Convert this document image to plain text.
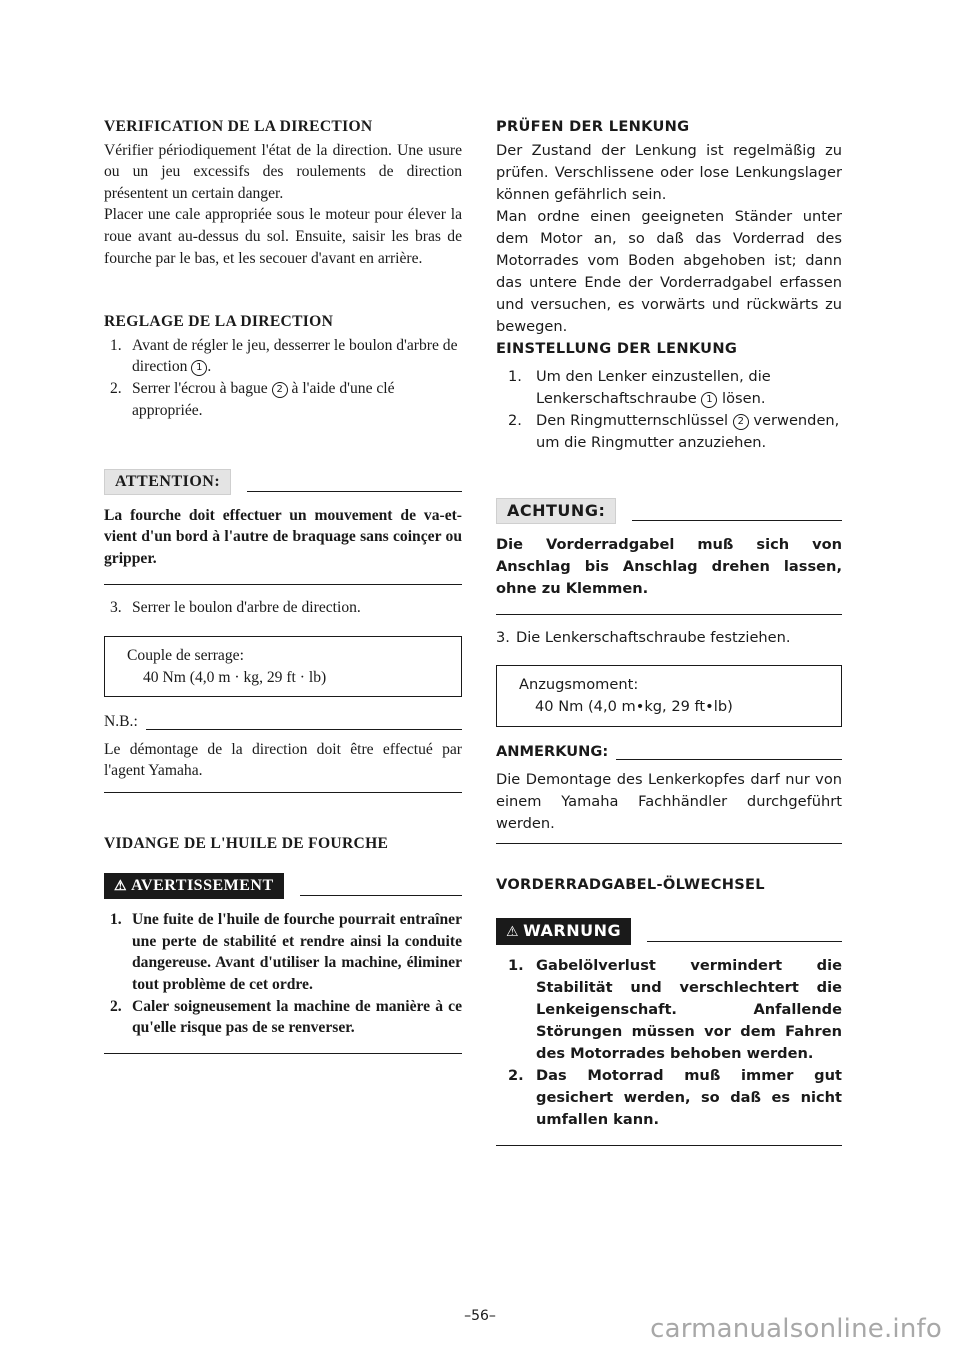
VERIFICATION DE LA DIRECTION

Vérifier périodiquement l'état de la direction. Une usure ou un jeu excessifs des roulements de direction présentent un certain danger.

Placer une cale appropriée sous le moteur pour élever la roue avant au-dessus du sol. Ensuite, saisir les bras de fourche par le bas, et les secouer d'avant en arrière.

REGLAGE DE LA DIRECTION
1. Avant de régler le jeu, desserrer le boulon d'arbre de direction 1 .
2. Serrer l'écrou à bague 2 à l'aide d'une clé appropriée.
ATTENTION:

La fourche doit effectuer un mouvement de va-et-vient d'un bord à l'autre de braquage sans coinçer ou gripper.

3. Serrer le boulon d'arbre de direction.
Couple de serrage:
40 Nm (4,0 m · kg, 29 ft · lb)
N.B.:

Le démontage de la direction doit être effectué par l'agent Yamaha.

VIDANGE DE L'HUILE DE FOURCHE
⚠ AVERTISSEMENT
1. Une fuite de l'huile de fourche pourrait entraîner une perte de stabilité et rendre ainsi la conduite dangereuse. Avant d'utiliser la machine, éliminer tout problème de cet ordre.

2. Caler soigneusement la machine de manière à ce qu'elle risque pas de se renverser.

PRÜFEN DER LENKUNG

Der Zustand der Lenkung ist regelmäßig zu prüfen. Verschlissene oder lose Lenkungslager können gefährlich sein.

Man ordne einen geeigneten Ständer unter dem Motor an, so daß das Vorderrad des Motorrades vom Boden abgehoben ist; dann das untere Ende der Vorderradgabel erfassen und versuchen, es vorwärts und rückwärts zu bewegen.

EINSTELLUNG DER LENKUNG
1. Um den Lenker einzustellen, die Lenkerschaftschraube 1 lösen.
2. Den Ringmutternschlüssel 2 verwenden, um die Ringmutter anzuziehen.
ACHTUNG:

Die Vorderradgabel muß sich von Anschlag bis Anschlag drehen lassen, ohne zu Klemmen.

3. Die Lenkerschaftschraube festziehen.
Anzugsmoment:
40 Nm (4,0 m•kg, 29 ft•lb)
ANMERKUNG:

Die Demontage des Lenkerkopfes darf nur von einem Yamaha Fachhändler durchgeführt werden.

VORDERRADGABEL-ÖLWECHSEL
⚠ WARNUNG
1. Gabelölverlust vermindert die Stabilität und verschlechtert die Lenkeigenschaft. Anfallende Störungen müssen vor dem Fahren des Motorrades behoben werden.

2. Das Motorrad muß immer gut gesichert werden, so daß es nicht umfallen kann.

–56–	carmanualsonline.info
